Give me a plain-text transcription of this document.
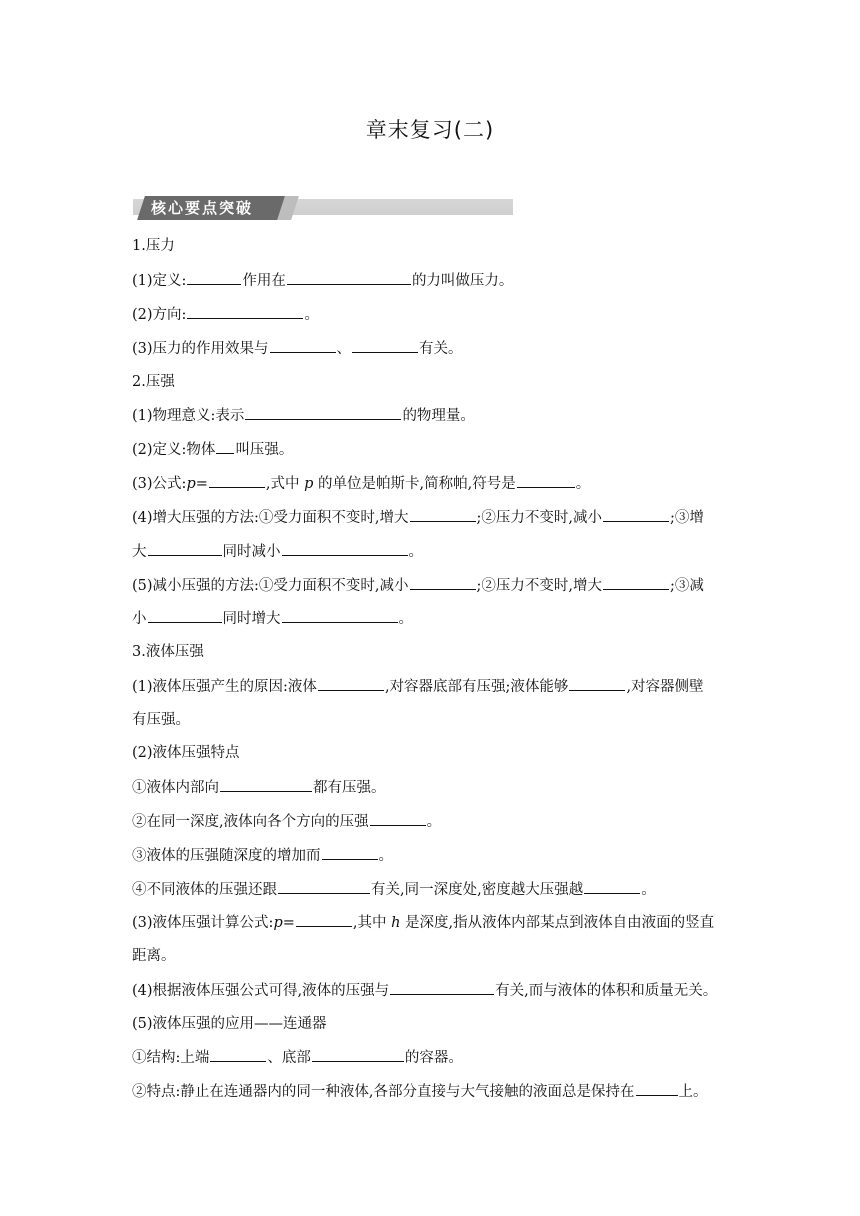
章末复习(二)
核心要点突破
1.压力
(1)定义:	作用在	的力叫做压力。
(2)方向:	。
(3)压力的作用效果与	、	有关。
2.压强
(1)物理意义:表示	的物理量。
(2)定义:物体 叫压强。
(3)公式:p=	,式中 p 的单位是帕斯卡,简称帕,符号是	。
(4)增大压强的方法:①受力面积不变时,增大	;②压力不变时,减小	;③增
大	同时减小	。
(5)减小压强的方法:①受力面积不变时,减小	;②压力不变时,增大	;③减
小	同时增大	。
3.液体压强
(1)液体压强产生的原因:液体	,对容器底部有压强;液体能够	,对容器侧壁
有压强。
(2)液体压强特点
①液体内部向	都有压强。
②在同一深度,液体向各个方向的压强	。
③液体的压强随深度的增加而	。
④不同液体的压强还跟	有关,同一深度处,密度越大压强越	。
(3)液体压强计算公式:p=	,其中 h 是深度,指从液体内部某点到液体自由液面的竖直
距离。
(4)根据液体压强公式可得,液体的压强与	有关,而与液体的体积和质量无关。
(5)液体压强的应用——连通器
①结构:上端	、底部	的容器。
②特点:静止在连通器内的同一种液体,各部分直接与大气接触的液面总是保持在	上。
